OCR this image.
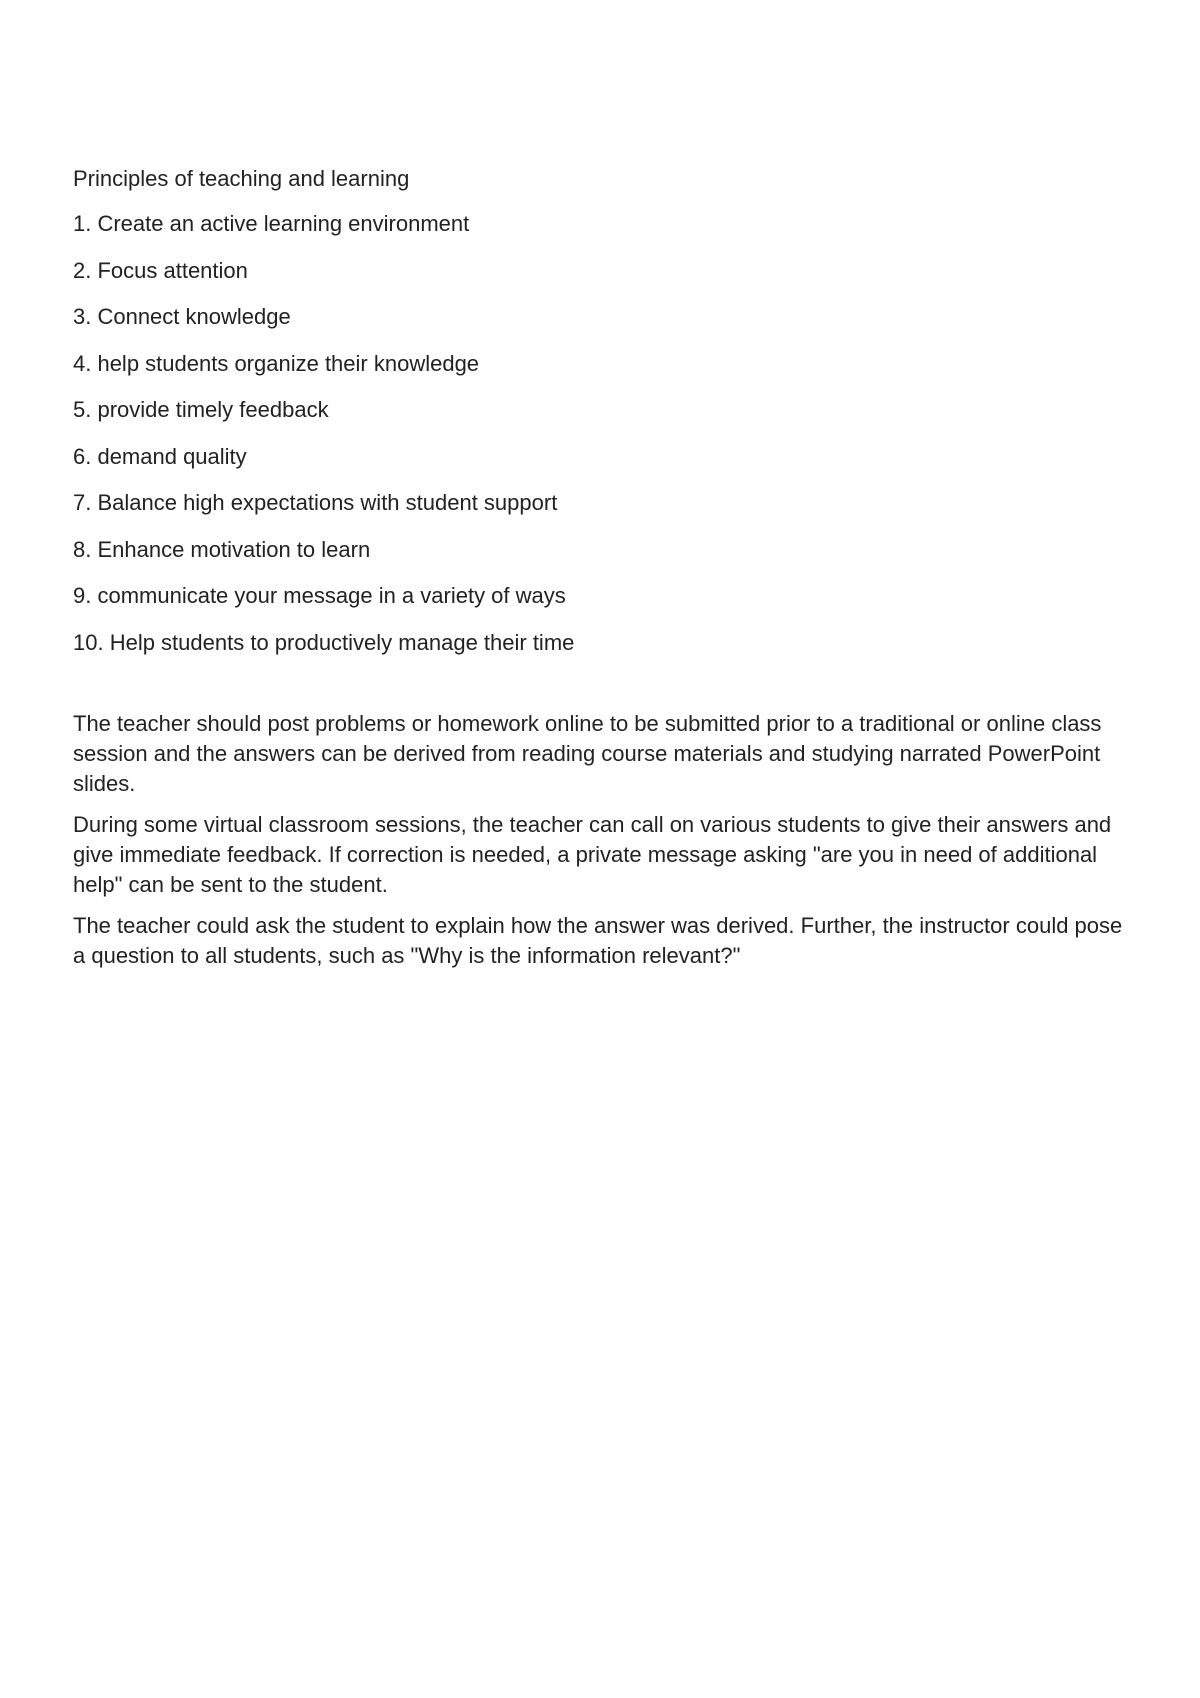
Principles of teaching and learning
1. Create an active learning environment
2. Focus attention
3. Connect knowledge
4. help students organize their knowledge
5. provide timely feedback
6. demand quality
7. Balance high expectations with student support
8. Enhance motivation to learn
9. communicate your message in a variety of ways
10. Help students to productively manage their time

The teacher should post problems or homework online to be submitted prior to a traditional or online class session and the answers can be derived from reading course materials and studying narrated PowerPoint slides.

During some virtual classroom sessions, the teacher can call on various students to give their answers and give immediate feedback. If correction is needed, a private message asking "are you in need of additional help" can be sent to the student.

The teacher could ask the student to explain how the answer was derived. Further, the instructor could pose a question to all students, such as "Why is the information relevant?"
